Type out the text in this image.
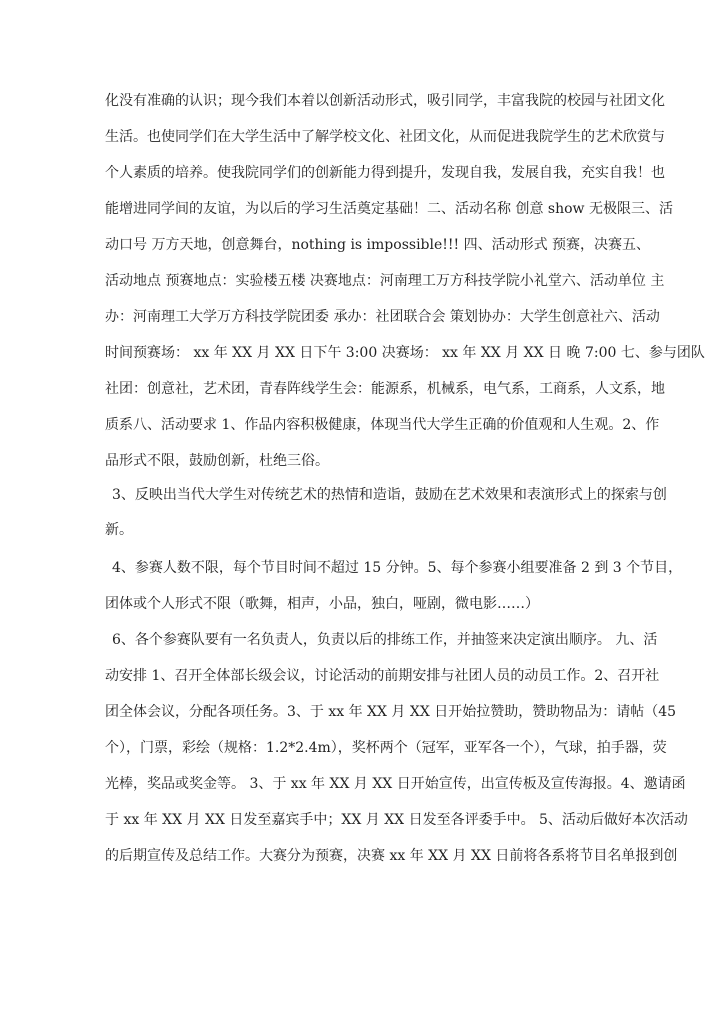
化没有准确的认识；现今我们本着以创新活动形式，吸引同学，丰富我院的校园与社团文化
生活。也使同学们在大学生活中了解学校文化、社团文化，从而促进我院学生的艺术欣赏与
个人素质的培养。使我院同学们的创新能力得到提升，发现自我，发展自我，充实自我！也
能增进同学间的友谊，为以后的学习生活奠定基础！二、活动名称 创意 show 无极限三、活
动口号 万方天地，创意舞台，nothing is impossible!!! 四、活动形式 预赛，决赛五、
活动地点 预赛地点：实验楼五楼 决赛地点：河南理工万方科技学院小礼堂六、活动单位 主
办：河南理工大学万方科技学院团委 承办：社团联合会 策划协办：大学生创意社六、活动
时间预赛场： xx 年 XX 月 XX 日下午 3:00 决赛场： xx 年 XX 月 XX 日 晚 7:00 七、参与团队
社团：创意社，艺术团，青春阵线学生会：能源系，机械系，电气系，工商系，人文系，地
质系八、活动要求 1、作品内容积极健康，体现当代大学生正确的价值观和人生观。2、作
品形式不限，鼓励创新，杜绝三俗。
3、反映出当代大学生对传统艺术的热情和造诣，鼓励在艺术效果和表演形式上的探索与创
新。
4、参赛人数不限，每个节目时间不超过 15 分钟。5、每个参赛小组要准备 2 到 3 个节目，
团体或个人形式不限（歌舞，相声，小品，独白，哑剧，微电影……）
6、各个参赛队要有一名负责人，负责以后的排练工作，并抽签来决定演出顺序。 九、活
动安排 1、召开全体部长级会议，讨论活动的前期安排与社团人员的动员工作。2、召开社
团全体会议，分配各项任务。3、于 xx 年 XX 月 XX 日开始拉赞助，赞助物品为：请帖（45
个），门票，彩绘（规格：1.2*2.4m），奖杯两个（冠军，亚军各一个），气球，拍手器，荧
光棒，奖品或奖金等。 3、于 xx 年 XX 月 XX 日开始宣传，出宣传板及宣传海报。4、邀请函
于 xx 年 XX 月 XX 日发至嘉宾手中；XX 月 XX 日发至各评委手中。 5、活动后做好本次活动
的后期宣传及总结工作。大赛分为预赛，决赛 xx 年 XX 月 XX 日前将各系将节目名单报到创
